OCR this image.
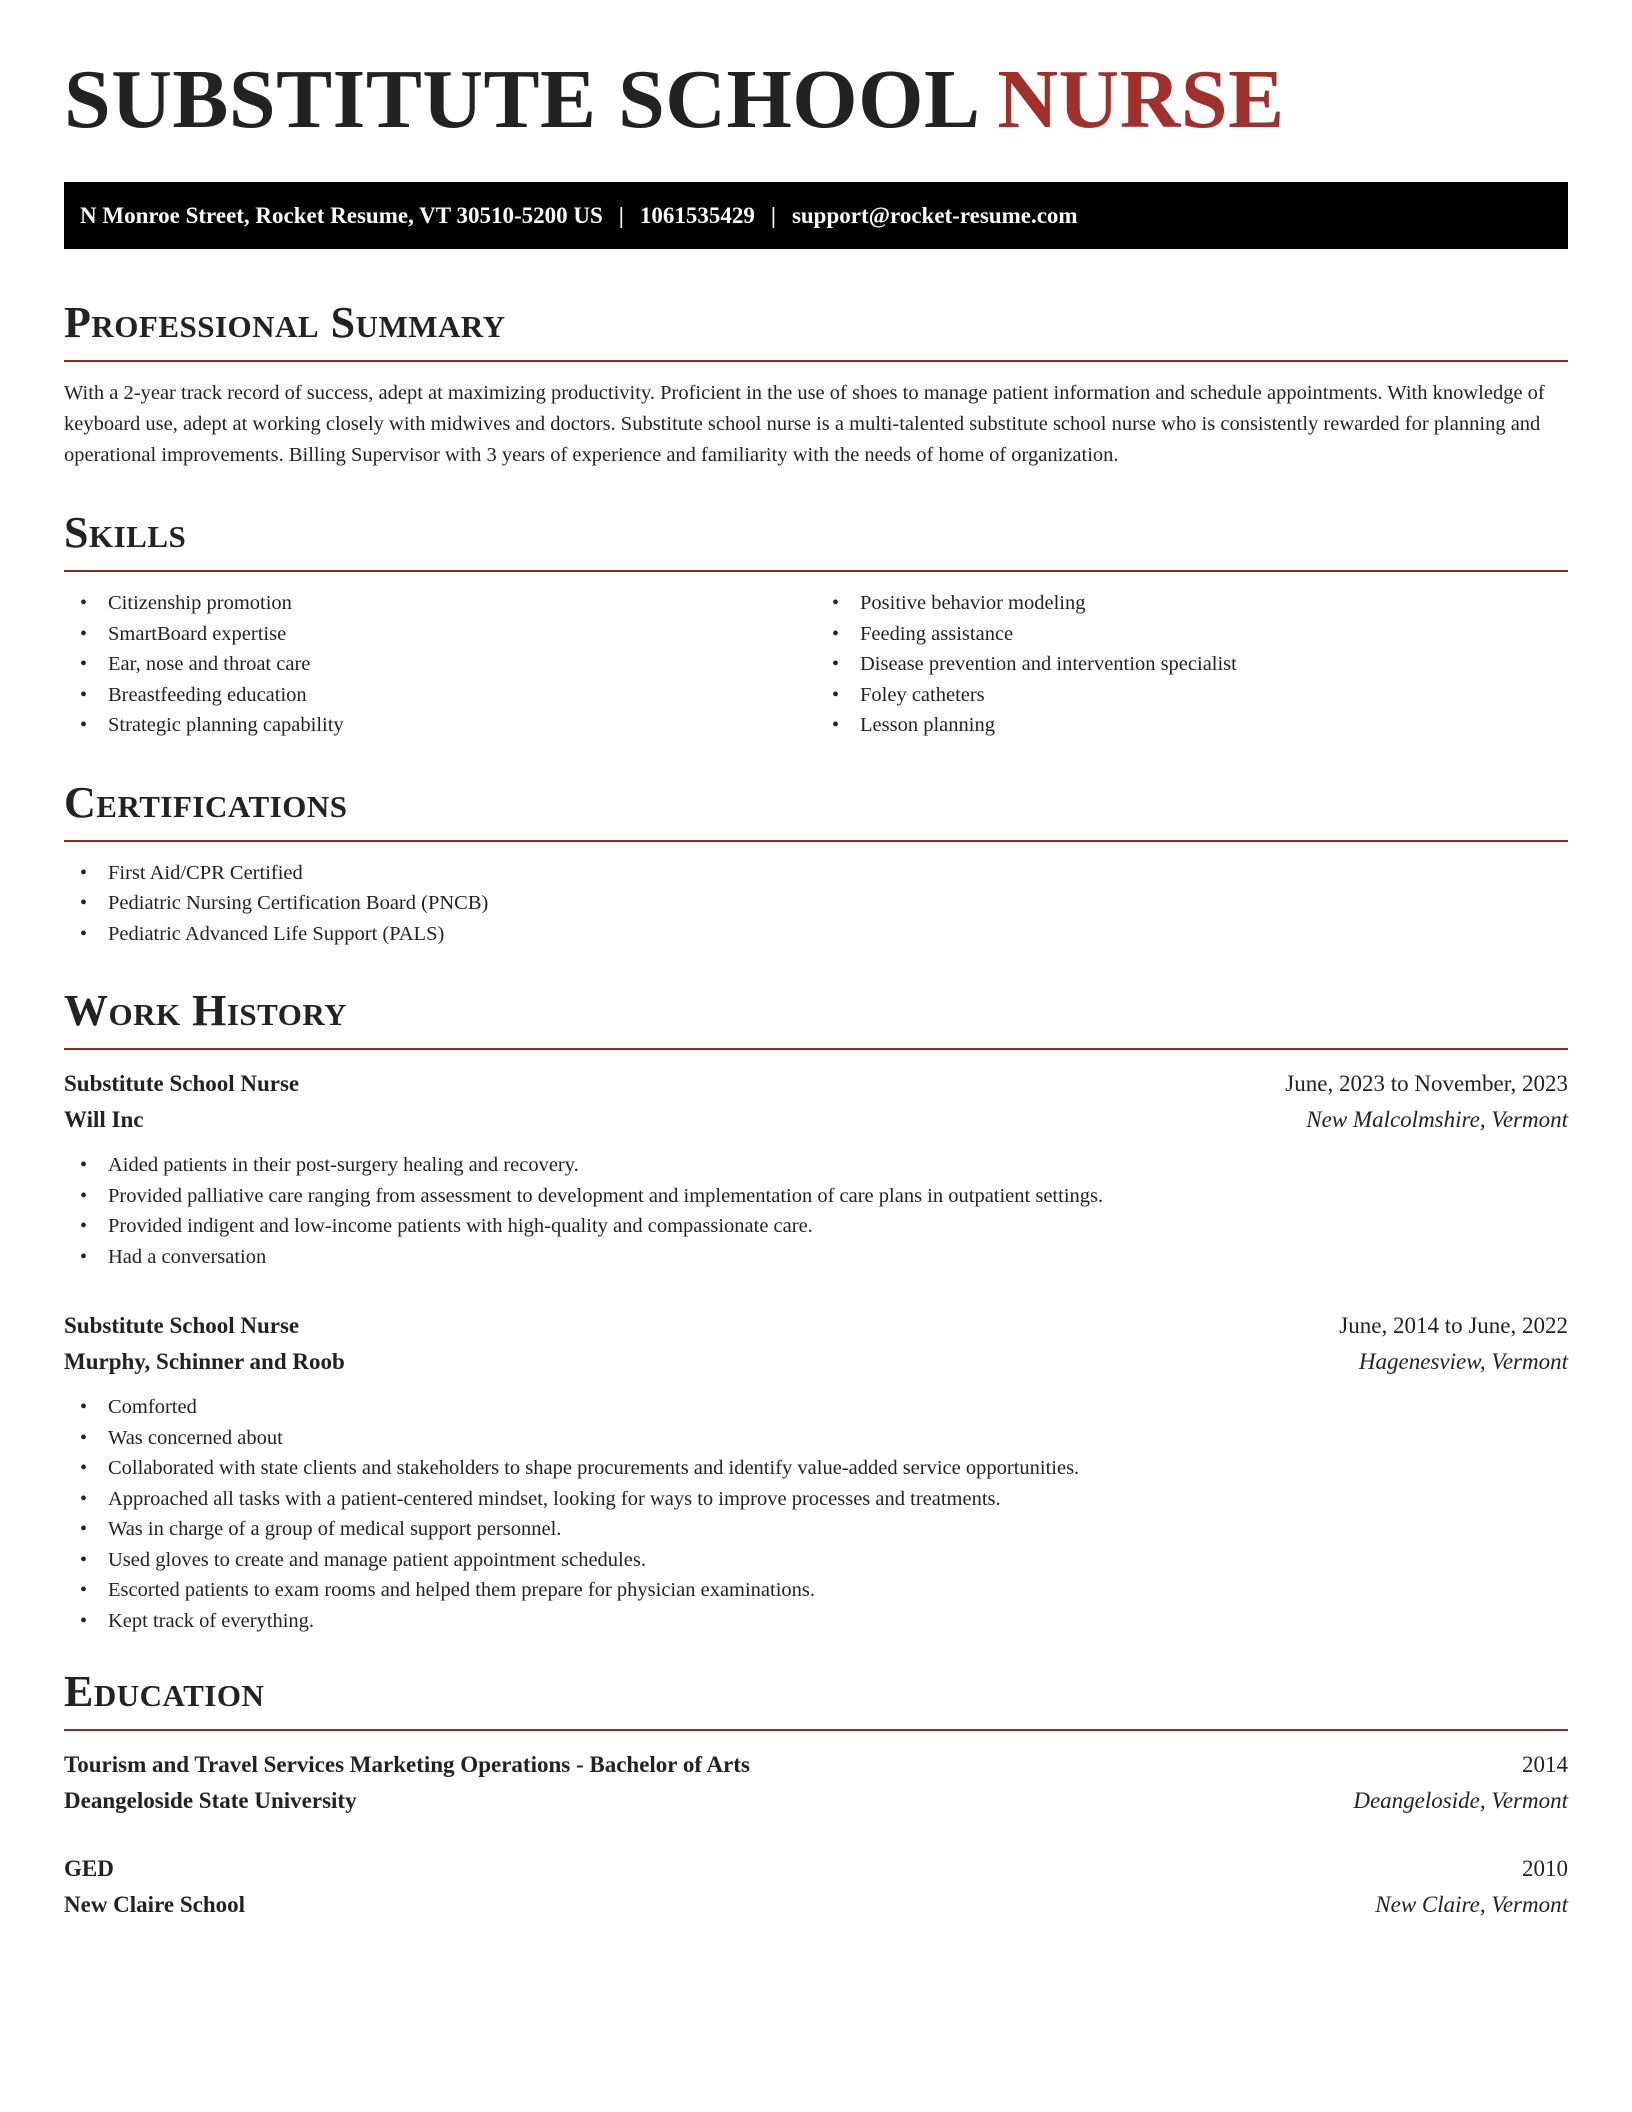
SUBSTITUTE SCHOOL NURSE
N Monroe Street, Rocket Resume, VT 30510-5200 US | 1061535429 | support@rocket-resume.com
Professional Summary

With a 2-year track record of success, adept at maximizing productivity. Proficient in the use of shoes to manage patient information and schedule appointments. With knowledge of keyboard use, adept at working closely with midwives and doctors. Substitute school nurse is a multi-talented substitute school nurse who is consistently rewarded for planning and operational improvements. Billing Supervisor with 3 years of experience and familiarity with the needs of home of organization.

Skills
• Citizenship promotion
• SmartBoard expertise
• Ear, nose and throat care
• Breastfeeding education
• Strategic planning capability
• Positive behavior modeling
• Feeding assistance
• Disease prevention and intervention specialist
• Foley catheters
• Lesson planning
Certifications
• First Aid/CPR Certified
• Pediatric Nursing Certification Board (PNCB)
• Pediatric Advanced Life Support (PALS)
Work History
Substitute School Nurse	June, 2023 to November, 2023
Will Inc	New Malcolmshire, Vermont
• Aided patients in their post-surgery healing and recovery.
• Provided palliative care ranging from assessment to development and implementation of care plans in outpatient settings.
• Provided indigent and low-income patients with high-quality and compassionate care.
• Had a conversation
Substitute School Nurse	June, 2014 to June, 2022
Murphy, Schinner and Roob	Hagenesview, Vermont
• Comforted
• Was concerned about
• Collaborated with state clients and stakeholders to shape procurements and identify value-added service opportunities.
• Approached all tasks with a patient-centered mindset, looking for ways to improve processes and treatments.
• Was in charge of a group of medical support personnel.
• Used gloves to create and manage patient appointment schedules.
• Escorted patients to exam rooms and helped them prepare for physician examinations.
• Kept track of everything.
Education
Tourism and Travel Services Marketing Operations - Bachelor of Arts	2014
Deangeloside State University	Deangeloside, Vermont
GED	2010
New Claire School	New Claire, Vermont
